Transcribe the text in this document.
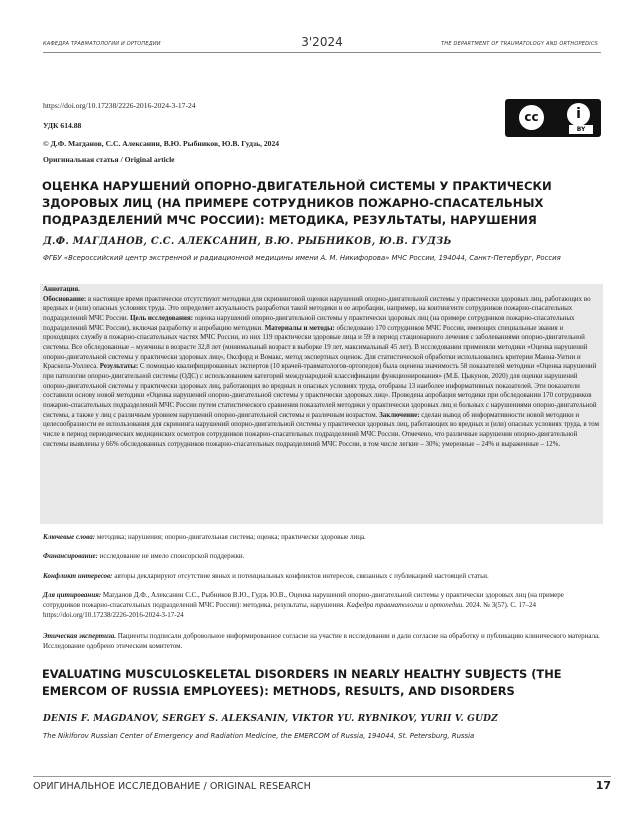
КАФЕДРА ТРАВМАТОЛОГИИ И ОРТОПЕДИИ	3'2024	THE DEPARTMENT OF TRAUMATOLOGY AND ORTHOPEDICS
https://doi.org/10.17238/2226-2016-2024-3-17-24
УДК 614.88
© Д.Ф. Магданов, С.С. Алексанин, В.Ю. Рыбников, Ю.В. Гудзь, 2024
Оригинальная статья / Original article
cc	i
BY
ОЦЕНКА НАРУШЕНИЙ ОПОРНО-ДВИГАТЕЛЬНОЙ СИСТЕМЫ У ПРАКТИЧЕСКИ ЗДОРОВЫХ ЛИЦ (НА ПРИМЕРЕ СОТРУДНИКОВ ПОЖАРНО-СПАСАТЕЛЬНЫХ ПОДРАЗДЕЛЕНИЙ МЧС РОССИИ): МЕТОДИКА, РЕЗУЛЬТАТЫ, НАРУШЕНИЯ
Д.Ф. МАГДАНОВ, С.С. АЛЕКСАНИН, В.Ю. РЫБНИКОВ, Ю.В. ГУДЗЬ
ФГБУ «Всероссийский центр экстренной и радиационной медицины имени А. М. Никифорова» МЧС России, 194044, Санкт-Петербург, Россия

Аннотация.

Обоснование: в настоящее время практически отсутствуют методики для скрининговой оценки нарушений опорно-двигательной системы у практически здоровых лиц, работающих во вредных и (или) опасных условиях труда. Это определяет актуальность разработки такой методики и ее апробации, например, на контингенте сотрудников пожарно-спасательных подразделений МЧС России. Цель исследования: оценка нарушений опорно-двигательной системы у практически здоровых лиц (на примере сотрудников пожарно-спасательных подразделений МЧС России), включая разработку и апробацию методики. Материалы и методы: обследовано 170 сотрудников МЧС России, имеющих специальные звания и проходящих службу в пожарно-спасательных частях МЧС России, из них 119 практически здоровые лица и 59 в период стационарного лечения с заболеваниями опорно-двигательной системы. Все обследованные – мужчины в возрасте 32,8 лет (минимальный возраст в выборке 19 лет, максимальный 45 лет). В исследовании применяли методики «Оценка нарушений опорно-двигательной системы у практически здоровых лиц», Оксфорд и Вомакс, метод экспертных оценок. Для статистической обработки использовались критерии Манна-Уитни и Краскела-Уоллеса. Результаты: С помощью квалифицированных экспертов (10 врачей-травматологов-ортопедов) была оценена значимость 58 показателей методики «Оценка нарушений при патологии опорно-двигательной системы (ОДС) с использованием категорий международной классификации функционирования» (М.Б. Цыкунов, 2020) для оценки нарушений опорно-двигательной системы у практически здоровых лиц, работающих во вредных и опасных условиях труда, отобраны 13 наиболее информативных показателей. Эти показатели составили основу новой методики «Оценка нарушений опорно-двигательной системы у практически здоровых лиц». Проведена апробация методики при обследовании 170 сотрудников пожарно-спасательных подразделений МЧС России путем статистического сравнения показателей методики у практически здоровых лиц и больных с нарушениями опорно-двигательной системы, а также у лиц с различным уровнем нарушений опорно-двигательной системы и различным возрастом. Заключение: сделан вывод об информативности новой методики и целесообразности ее использования для скрининга нарушений опорно-двигательной системы у практически здоровых лиц, работающих во вредных и (или) опасных условиях труда, в том числе в период периодических медицинских осмотров сотрудников пожарно-спасательных подразделений МЧС России. Отмечено, что различные нарушения опорно-двигательной системы выявлены у 66% обследованных сотрудников пожарно-спасательных подразделений МЧС России, в том числе легкие – 30%; умеренные – 24% и выраженные – 12%.

Ключевые слова: методика; нарушения; опорно-двигательная система; оценка; практически здоровые лица.
Финансирование: исследование не имело спонсорской поддержки.
Конфликт интересов: авторы декларируют отсутствие явных и потенциальных конфликтов интересов, связанных с публикацией настоящей статьи.
Для цитирования: Магданов Д.Ф., Алексанин С.С., Рыбников В.Ю., Гудзь Ю.В., Оценка нарушений опорно-двигательной системы у практически здоровых лиц (на примере сотрудников пожарно-спасательных подразделений МЧС России): методика, результаты, нарушения. Кафедра травматологии и ортопедии. 2024. № 3(57). С. 17–24 https://doi.org/10.17238/2226-2016-2024-3-17-24
Этическая экспертиза. Пациенты подписали добровольное информированное согласие на участие в исследовании и дали согласие на обработку и публикацию клинического материала. Исследование одобрено этическим комитетом.
EVALUATING MUSCULOSKELETAL DISORDERS IN NEARLY HEALTHY SUBJECTS (THE EMERCOM OF RUSSIA EMPLOYEES): METHODS, RESULTS, AND DISORDERS
DENIS F. MAGDANOV, SERGEY S. ALEKSANIN, VIKTOR YU. RYBNIKOV, YURII V. GUDZ
The Nikiforov Russian Center of Emergency and Radiation Medicine, the EMERCOM of Russia, 194044, St. Petersburg, Russia
ОРИГИНАЛЬНОЕ ИССЛЕДОВАНИЕ / ORIGINAL RESEARCH	17
